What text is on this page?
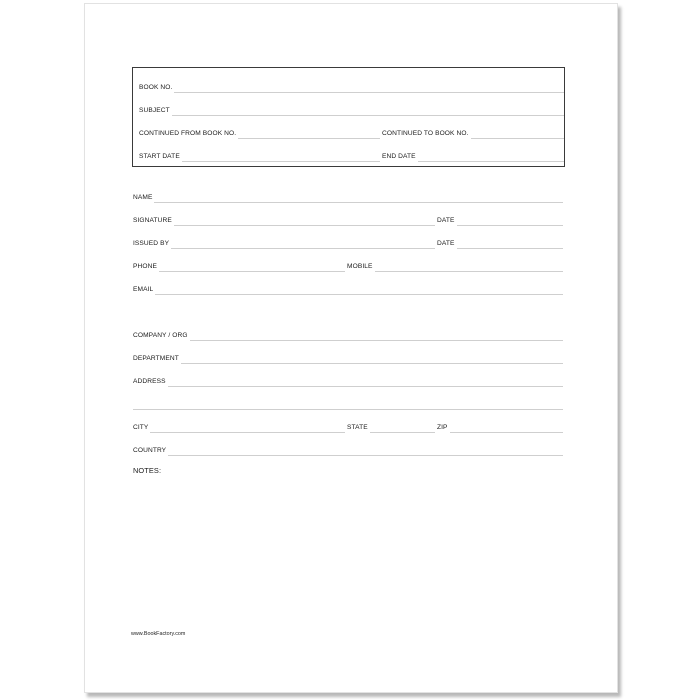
BOOK NO.
SUBJECT
CONTINUED FROM BOOK NO.	CONTINUED TO BOOK NO.
START DATE	END DATE
NAME
SIGNATURE	DATE
ISSUED BY	DATE
PHONE	MOBILE
EMAIL
COMPANY / ORG
DEPARTMENT
ADDRESS
CITY	STATE	ZIP
COUNTRY
NOTES:
www.BookFactory.com
